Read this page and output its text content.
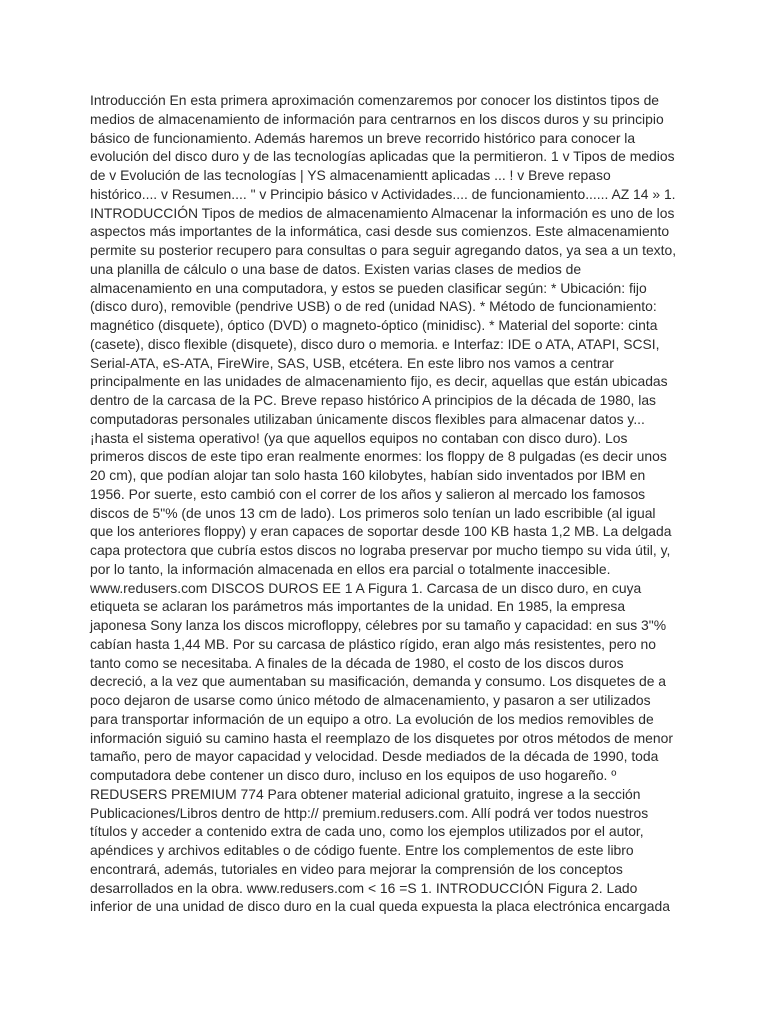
Introducción En esta primera aproximación comenzaremos por conocer los distintos tipos de
medios de almacenamiento de información para centrarnos en los discos duros y su principio
básico de funcionamiento. Además haremos un breve recorrido histórico para conocer la
evolución del disco duro y de las tecnologías aplicadas que la permitieron. 1 v Tipos de medios
de v Evolución de las tecnologías | YS almacenamientt aplicadas ... ! v Breve repaso
histórico.... v Resumen.... " v Principio básico v Actividades.... de funcionamiento...... AZ 14 » 1.
INTRODUCCIÓN Tipos de medios de almacenamiento Almacenar la información es uno de los
aspectos más importantes de la informática, casi desde sus comienzos. Este almacenamiento
permite su posterior recupero para consultas o para seguir agregando datos, ya sea a un texto,
una planilla de cálculo o una base de datos. Existen varias clases de medios de
almacenamiento en una computadora, y estos se pueden clasificar según: * Ubicación: fijo
(disco duro), removible (pendrive USB) o de red (unidad NAS). * Método de funcionamiento:
magnético (disquete), óptico (DVD) o magneto-óptico (minidisc). * Material del soporte: cinta
(casete), disco flexible (disquete), disco duro o memoria. e Interfaz: IDE o ATA, ATAPI, SCSI,
Serial-ATA, eS-ATA, FireWire, SAS, USB, etcétera. En este libro nos vamos a centrar
principalmente en las unidades de almacenamiento fijo, es decir, aquellas que están ubicadas
dentro de la carcasa de la PC. Breve repaso histórico A principios de la década de 1980, las
computadoras personales utilizaban únicamente discos flexibles para almacenar datos y...
¡hasta el sistema operativo! (ya que aquellos equipos no contaban con disco duro). Los
primeros discos de este tipo eran realmente enormes: los floppy de 8 pulgadas (es decir unos
20 cm), que podían alojar tan solo hasta 160 kilobytes, habían sido inventados por IBM en
1956. Por suerte, esto cambió con el correr de los años y salieron al mercado los famosos
discos de 5"% (de unos 13 cm de lado). Los primeros solo tenían un lado escribible (al igual
que los anteriores floppy) y eran capaces de soportar desde 100 KB hasta 1,2 MB. La delgada
capa protectora que cubría estos discos no lograba preservar por mucho tiempo su vida útil, y,
por lo tanto, la información almacenada en ellos era parcial o totalmente inaccesible.
www.redusers.com DISCOS DUROS EE 1 A Figura 1. Carcasa de un disco duro, en cuya
etiqueta se aclaran los parámetros más importantes de la unidad. En 1985, la empresa
japonesa Sony lanza los discos microfloppy, célebres por su tamaño y capacidad: en sus 3"%
cabían hasta 1,44 MB. Por su carcasa de plástico rígido, eran algo más resistentes, pero no
tanto como se necesitaba. A finales de la década de 1980, el costo de los discos duros
decreció, a la vez que aumentaban su masificación, demanda y consumo. Los disquetes de a
poco dejaron de usarse como único método de almacenamiento, y pasaron a ser utilizados
para transportar información de un equipo a otro. La evolución de los medios removibles de
información siguió su camino hasta el reemplazo de los disquetes por otros métodos de menor
tamaño, pero de mayor capacidad y velocidad. Desde mediados de la década de 1990, toda
computadora debe contener un disco duro, incluso en los equipos de uso hogareño. º
REDUSERS PREMIUM 774 Para obtener material adicional gratuito, ingrese a la sección
Publicaciones/Libros dentro de http:// premium.redusers.com. Allí podrá ver todos nuestros
títulos y acceder a contenido extra de cada uno, como los ejemplos utilizados por el autor,
apéndices y archivos editables o de código fuente. Entre los complementos de este libro
encontrará, además, tutoriales en video para mejorar la comprensión de los conceptos
desarrollados en la obra. www.redusers.com < 16 =S 1. INTRODUCCIÓN Figura 2. Lado
inferior de una unidad de disco duro en la cual queda expuesta la placa electrónica encargada
